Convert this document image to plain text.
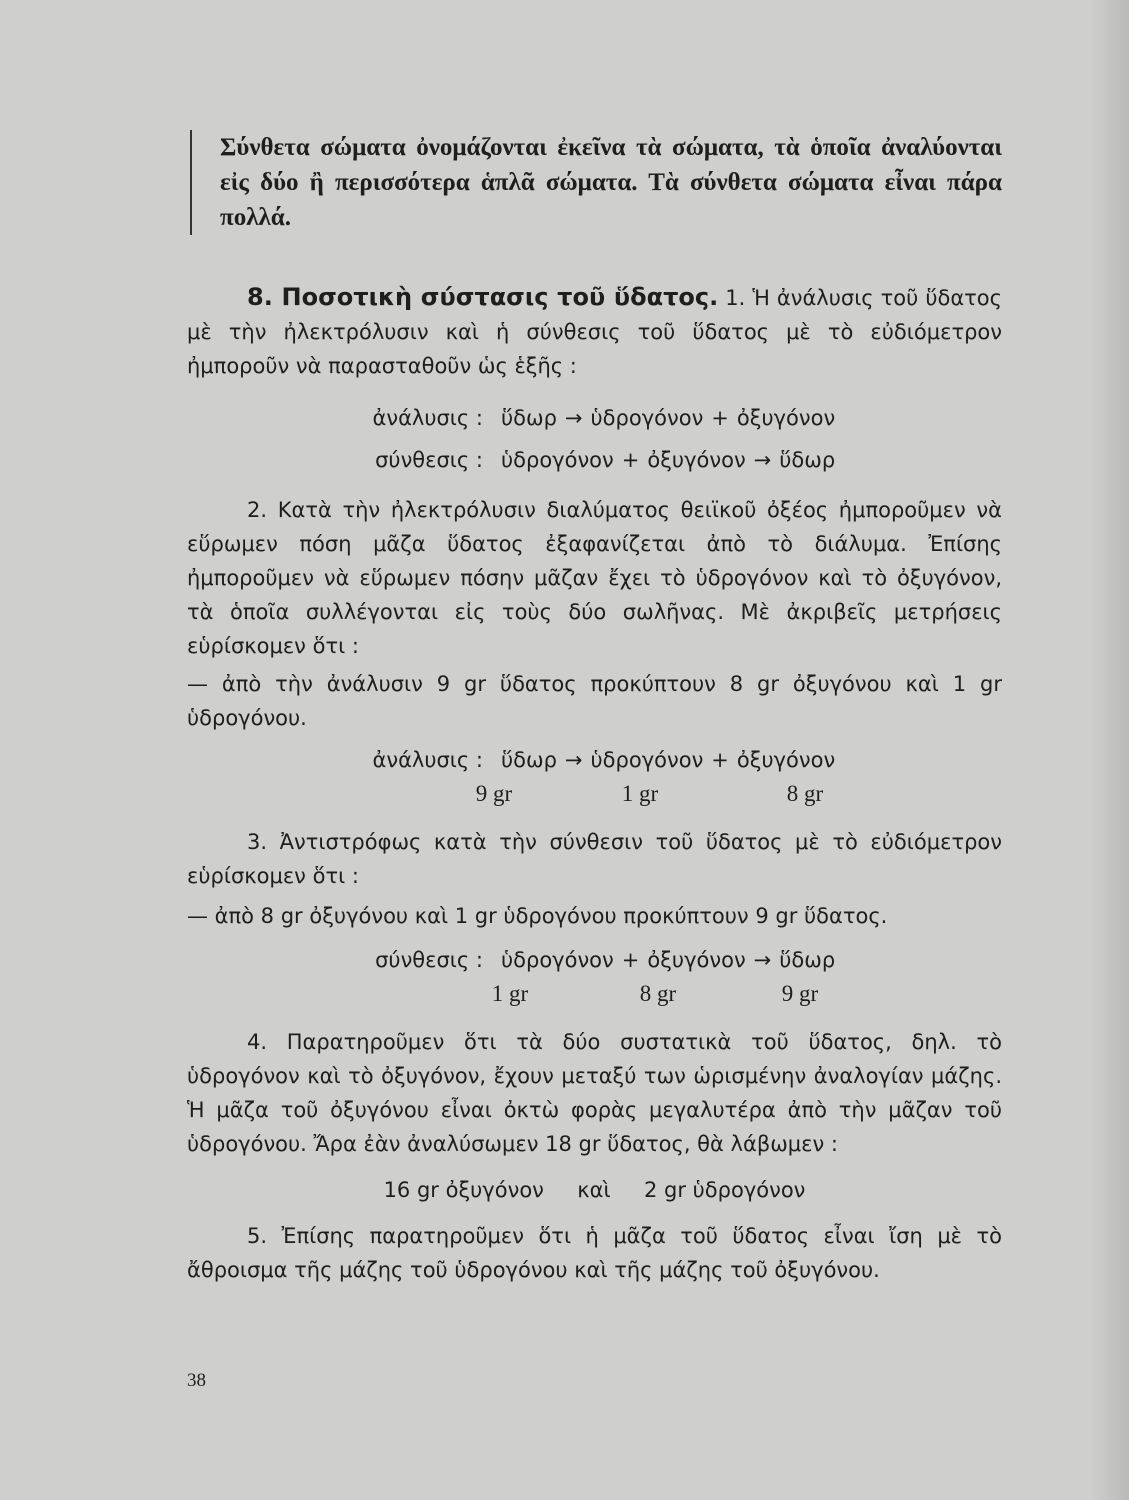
Σύνθετα σώματα ὀνομάζονται ἐκεῖνα τὰ σώματα, τὰ ὁποῖα ἀναλύονται εἰς δύο ἢ περισσότερα ἁπλᾶ σώματα. Τὰ σύνθετα σώματα εἶναι πάρα πολλά.

8. Ποσοτικὴ σύστασις τοῦ ὕδατος. 1. Ἡ ἀνάλυσις τοῦ ὕδατος μὲ τὴν ἠλεκτρόλυσιν καὶ ἡ σύνθεσις τοῦ ὕδατος μὲ τὸ εὐδιόμετρον ἠμποροῦν νὰ παρασταθοῦν ὡς ἑξῆς :

ἀνάλυσις : ὕδωρ → ὑδρογόνον + ὀξυγόνον
σύνθεσις : ὑδρογόνον + ὀξυγόνον → ὕδωρ

2. Κατὰ τὴν ἠλεκτρόλυσιν διαλύματος θειϊκοῦ ὀξέος ἠμποροῦμεν νὰ εὕρωμεν πόση μᾶζα ὕδατος ἐξαφανίζεται ἀπὸ τὸ διάλυμα. Ἐπίσης ἠμποροῦμεν νὰ εὕρωμεν πόσην μᾶζαν ἔχει τὸ ὑδρογόνον καὶ τὸ ὀξυγόνον, τὰ ὁποῖα συλλέγονται εἰς τοὺς δύο σωλῆνας. Μὲ ἀκριβεῖς μετρήσεις εὑρίσκομεν ὅτι :

— ἀπὸ τὴν ἀνάλυσιν 9 gr ὕδατος προκύπτουν 8 gr ὀξυγόνου καὶ 1 gr ὑδρογόνου.

ἀνάλυσις : ὕδωρ → ὑδρογόνον + ὀξυγόνον
9 gr	1 gr	8 gr

3. Ἀντιστρόφως κατὰ τὴν σύνθεσιν τοῦ ὕδατος μὲ τὸ εὐδιόμετρον εὑρίσκομεν ὅτι :

— ἀπὸ 8 gr ὀξυγόνου καὶ 1 gr ὑδρογόνου προκύπτουν 9 gr ὕδατος.

σύνθεσις : ὑδρογόνον + ὀξυγόνον → ὕδωρ
1 gr	8 gr	9 gr

4. Παρατηροῦμεν ὅτι τὰ δύο συστατικὰ τοῦ ὕδατος, δηλ. τὸ ὑδρογόνον καὶ τὸ ὀξυγόνον, ἔχουν μεταξύ των ὡρισμένην ἀναλογίαν μάζης. Ἡ μᾶζα τοῦ ὀξυγόνου εἶναι ὀκτὼ φορὰς μεγαλυτέρα ἀπὸ τὴν μᾶζαν τοῦ ὑδρογόνου. Ἄρα ἐὰν ἀναλύσωμεν 18 gr ὕδατος, θὰ λάβωμεν :

16 gr ὀξυγόνον     καὶ     2 gr ὑδρογόνον

5. Ἐπίσης παρατηροῦμεν ὅτι ἡ μᾶζα τοῦ ὕδατος εἶναι ἴση μὲ τὸ ἄθροισμα τῆς μάζης τοῦ ὑδρογόνου καὶ τῆς μάζης τοῦ ὀξυγόνου.

38
